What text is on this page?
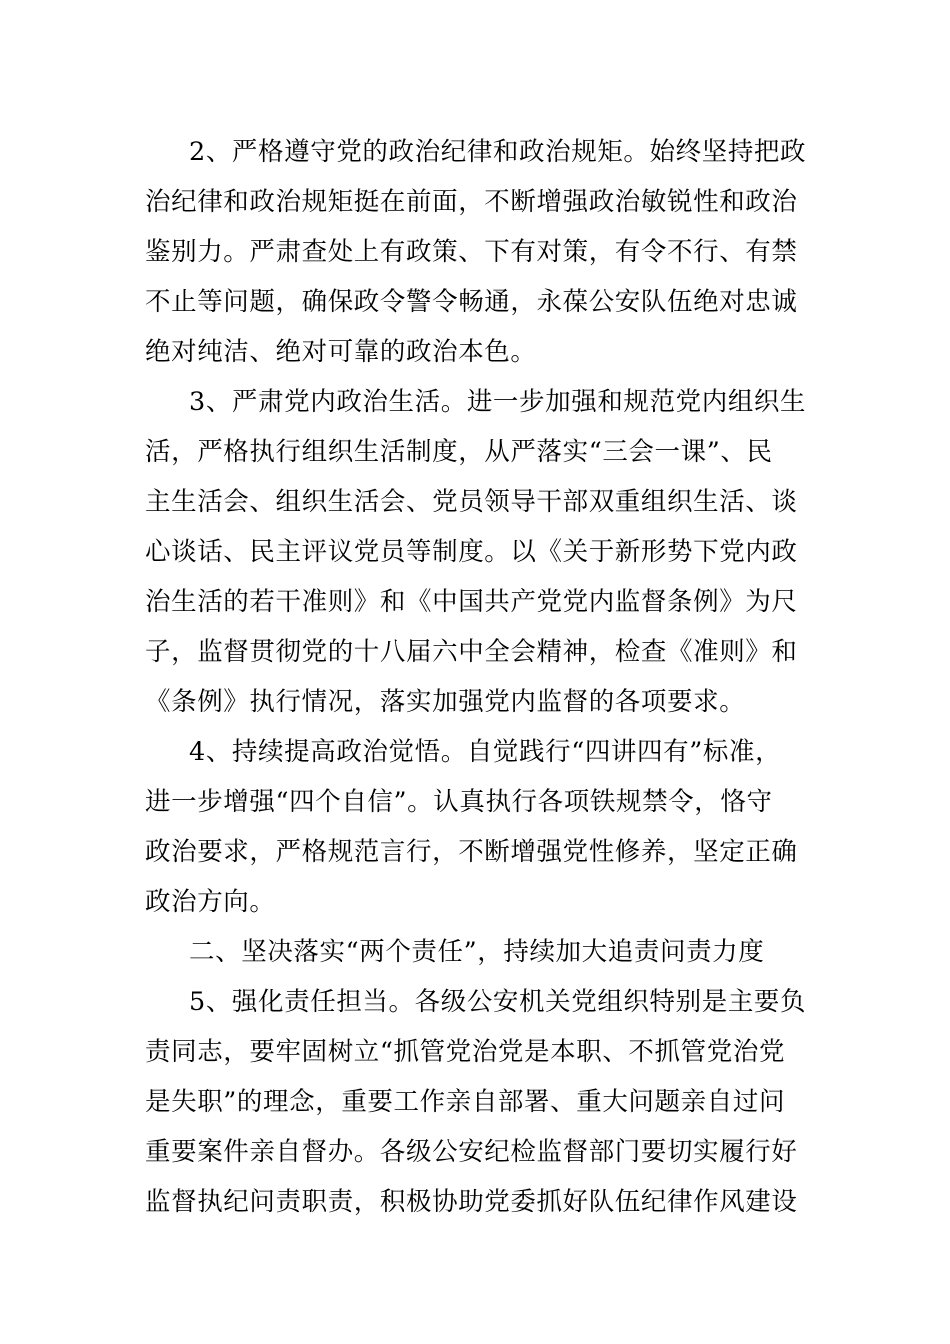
2、严格遵守党的政治纪律和政治规矩。始终坚持把政
治纪律和政治规矩挺在前面，不断增强政治敏锐性和政治
鉴别力。严肃查处上有政策、下有对策，有令不行、有禁
不止等问题，确保政令警令畅通，永葆公安队伍绝对忠诚
绝对纯洁、绝对可靠的政治本色。
3、严肃党内政治生活。进一步加强和规范党内组织生
活，严格执行组织生活制度，从严落实“三会一课”、民
主生活会、组织生活会、党员领导干部双重组织生活、谈
心谈话、民主评议党员等制度。以《关于新形势下党内政
治生活的若干准则》和《中国共产党党内监督条例》为尺
子，监督贯彻党的十八届六中全会精神，检查《准则》和
《条例》执行情况，落实加强党内监督的各项要求。
4、持续提高政治觉悟。自觉践行“四讲四有”标准，
进一步增强“四个自信”。认真执行各项铁规禁令，恪守
政治要求，严格规范言行，不断增强党性修养，坚定正确
政治方向。
二、坚决落实“两个责任”，持续加大追责问责力度
5、强化责任担当。各级公安机关党组织特别是主要负
责同志，要牢固树立“抓管党治党是本职、不抓管党治党
是失职”的理念，重要工作亲自部署、重大问题亲自过问
重要案件亲自督办。各级公安纪检监督部门要切实履行好
监督执纪问责职责，积极协助党委抓好队伍纪律作风建设
